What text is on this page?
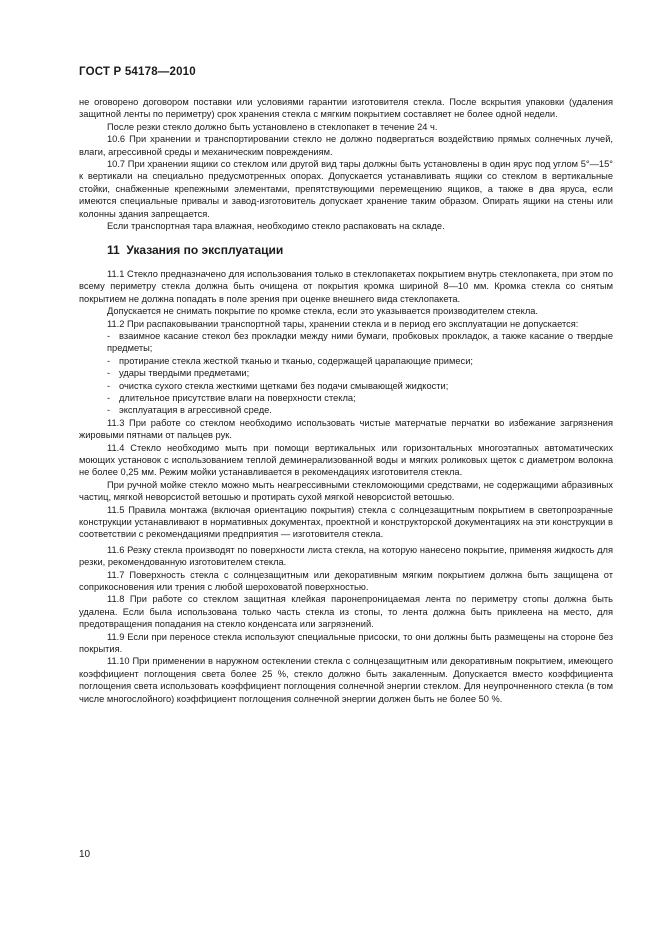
ГОСТ Р 54178—2010

не оговорено договором поставки или условиями гарантии изготовителя стекла. После вскрытия упаковки (удаления защитной ленты по периметру) срок хранения стекла с мягким покрытием составляет не более одной недели.

После резки стекло должно быть установлено в стеклопакет в течение 24 ч.

10.6 При хранении и транспортировании стекло не должно подвергаться воздействию прямых солнечных лучей, влаги, агрессивной среды и механическим повреждениям.

10.7 При хранении ящики со стеклом или другой вид тары должны быть установлены в один ярус под углом 5°—15° к вертикали на специально предусмотренных опорах. Допускается устанавливать ящики со стеклом в вертикальные стойки, снабженные крепежными элементами, препятствующими перемещению ящиков, а также в два яруса, если имеются специальные привалы и завод-изготовитель допускает хранение таким образом. Опирать ящики на стены или колонны здания запрещается.

Если транспортная тара влажная, необходимо стекло распаковать на складе.

11 Указания по эксплуатации

11.1 Стекло предназначено для использования только в стеклопакетах покрытием внутрь стеклопакета, при этом по всему периметру стекла должна быть очищена от покрытия кромка шириной 8—10 мм. Кромка стекла со снятым покрытием не должна попадать в поле зрения при оценке внешнего вида стеклопакета.

Допускается не снимать покрытие по кромке стекла, если это указывается производителем стекла.

11.2 При распаковывании транспортной тары, хранении стекла и в период его эксплуатации не допускается:

- взаимное касание стекол без прокладки между ними бумаги, пробковых прокладок, а также касание о твердые предметы;

- протирание стекла жесткой тканью и тканью, содержащей царапающие примеси;

- удары твердыми предметами;

- очистка сухого стекла жесткими щетками без подачи смывающей жидкости;

- длительное присутствие влаги на поверхности стекла;

- эксплуатация в агрессивной среде.

11.3 При работе со стеклом необходимо использовать чистые матерчатые перчатки во избежание загрязнения жировыми пятнами от пальцев рук.

11.4 Стекло необходимо мыть при помощи вертикальных или горизонтальных многоэтапных автоматических моющих установок с использованием теплой деминерализованной воды и мягких роликовых щеток с диаметром волокна не более 0,25 мм. Режим мойки устанавливается в рекомендациях изготовителя стекла.

При ручной мойке стекло можно мыть неагрессивными стекломоющими средствами, не содержащими абразивных частиц, мягкой неворсистой ветошью и протирать сухой мягкой неворсистой ветошью.

11.5 Правила монтажа (включая ориентацию покрытия) стекла с солнцезащитным покрытием в светопрозрачные конструкции устанавливают в нормативных документах, проектной и конструкторской документациях на эти конструкции в соответствии с рекомендациями предприятия — изготовителя стекла.

11.6 Резку стекла производят по поверхности листа стекла, на которую нанесено покрытие, применяя жидкость для резки, рекомендованную изготовителем стекла.

11.7 Поверхность стекла с солнцезащитным или декоративным мягким покрытием должна быть защищена от соприкосновения или трения с любой шероховатой поверхностью.

11.8 При работе со стеклом защитная клейкая паронепроницаемая лента по периметру стопы должна быть удалена. Если была использована только часть стекла из стопы, то лента должна быть приклеена на место, для предотвращения попадания на стекло конденсата или загрязнений.

11.9 Если при переносе стекла используют специальные присоски, то они должны быть размещены на стороне без покрытия.

11.10 При применении в наружном остеклении стекла с солнцезащитным или декоративным покрытием, имеющего коэффициент поглощения света более 25 %, стекло должно быть закаленным. Допускается вместо коэффициента поглощения света использовать коэффициент поглощения солнечной энергии стеклом. Для неупрочненного стекла (в том числе многослойного) коэффициент поглощения солнечной энергии должен быть не более 50 %.

10
